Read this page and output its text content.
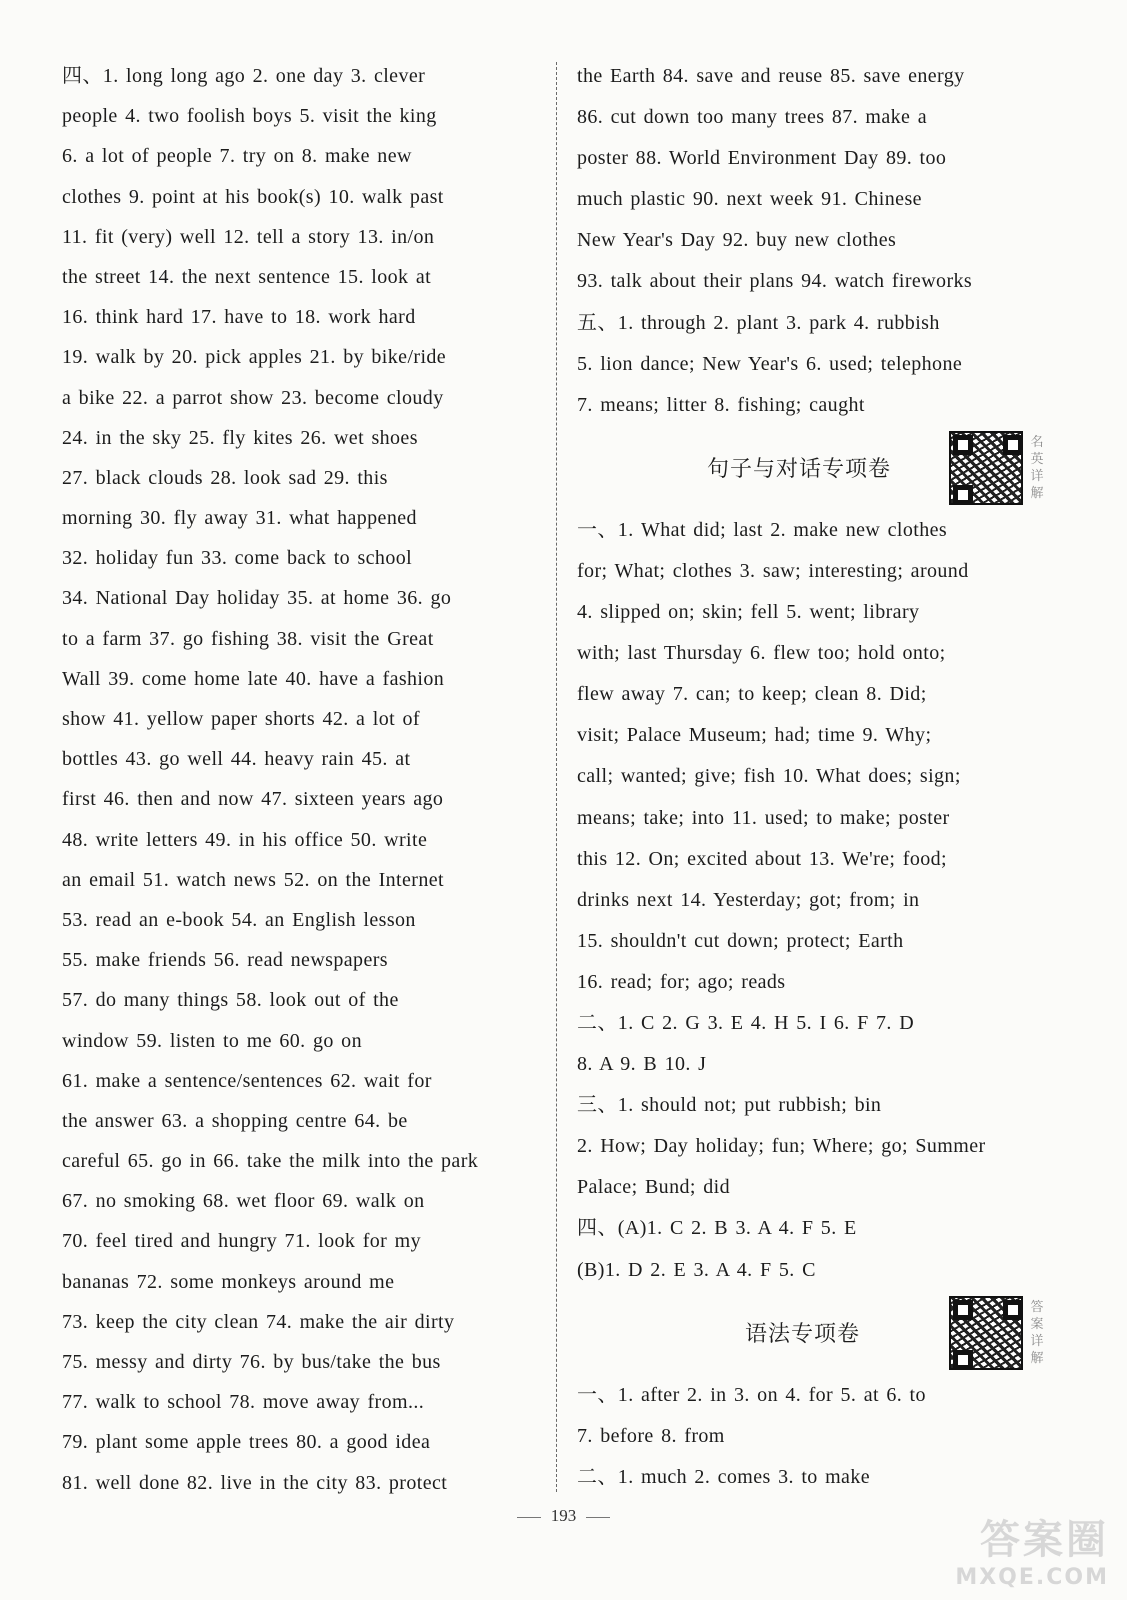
四、1. long long ago 2. one day 3. clever
people 4. two foolish boys 5. visit the king
6. a lot of people 7. try on 8. make new
clothes 9. point at his book(s) 10. walk past
11. fit (very) well 12. tell a story 13. in/on
the street 14. the next sentence 15. look at
16. think hard 17. have to 18. work hard
19. walk by 20. pick apples 21. by bike/ride
a bike 22. a parrot show 23. become cloudy
24. in the sky 25. fly kites 26. wet shoes
27. black clouds 28. look sad 29. this
morning 30. fly away 31. what happened
32. holiday fun 33. come back to school
34. National Day holiday 35. at home 36. go
to a farm 37. go fishing 38. visit the Great
Wall 39. come home late 40. have a fashion
show 41. yellow paper shorts 42. a lot of
bottles 43. go well 44. heavy rain 45. at
first 46. then and now 47. sixteen years ago
48. write letters 49. in his office 50. write
an email 51. watch news 52. on the Internet
53. read an e-book 54. an English lesson
55. make friends 56. read newspapers
57. do many things 58. look out of the
window 59. listen to me 60. go on
61. make a sentence/sentences 62. wait for
the answer 63. a shopping centre 64. be
careful 65. go in 66. take the milk into the park
67. no smoking 68. wet floor 69. walk on
70. feel tired and hungry 71. look for my
bananas 72. some monkeys around me
73. keep the city clean 74. make the air dirty
75. messy and dirty 76. by bus/take the bus
77. walk to school 78. move away from...
79. plant some apple trees 80. a good idea
81. well done 82. live in the city 83. protect
the Earth 84. save and reuse 85. save energy
86. cut down too many trees 87. make a
poster 88. World Environment Day 89. too
much plastic 90. next week 91. Chinese
New Year's Day 92. buy new clothes
93. talk about their plans 94. watch fireworks
五、1. through 2. plant 3. park 4. rubbish
5. lion dance; New Year's 6. used; telephone
7. means; litter 8. fishing; caught
句子与对话专项卷
名英详解
一、1. What did; last 2. make new clothes
for; What; clothes 3. saw; interesting; around
4. slipped on; skin; fell 5. went; library
with; last Thursday 6. flew too; hold onto;
flew away 7. can; to keep; clean 8. Did;
visit; Palace Museum; had; time 9. Why;
call; wanted; give; fish 10. What does; sign;
means; take; into 11. used; to make; poster
this 12. On; excited about 13. We're; food;
drinks next 14. Yesterday; got; from; in
15. shouldn't cut down; protect; Earth
16. read; for; ago; reads
二、1. C 2. G 3. E 4. H 5. I 6. F 7. D
8. A 9. B 10. J
三、1. should not; put rubbish; bin
2. How; Day holiday; fun; Where; go; Summer
Palace; Bund; did
四、(A)1. C 2. B 3. A 4. F 5. E
(B)1. D 2. E 3. A 4. F 5. C
语法专项卷
答案详解
一、1. after 2. in 3. on 4. for 5. at 6. to
7. before 8. from
二、1. much 2. comes 3. to make
193
答案圈
MXQE.COM
